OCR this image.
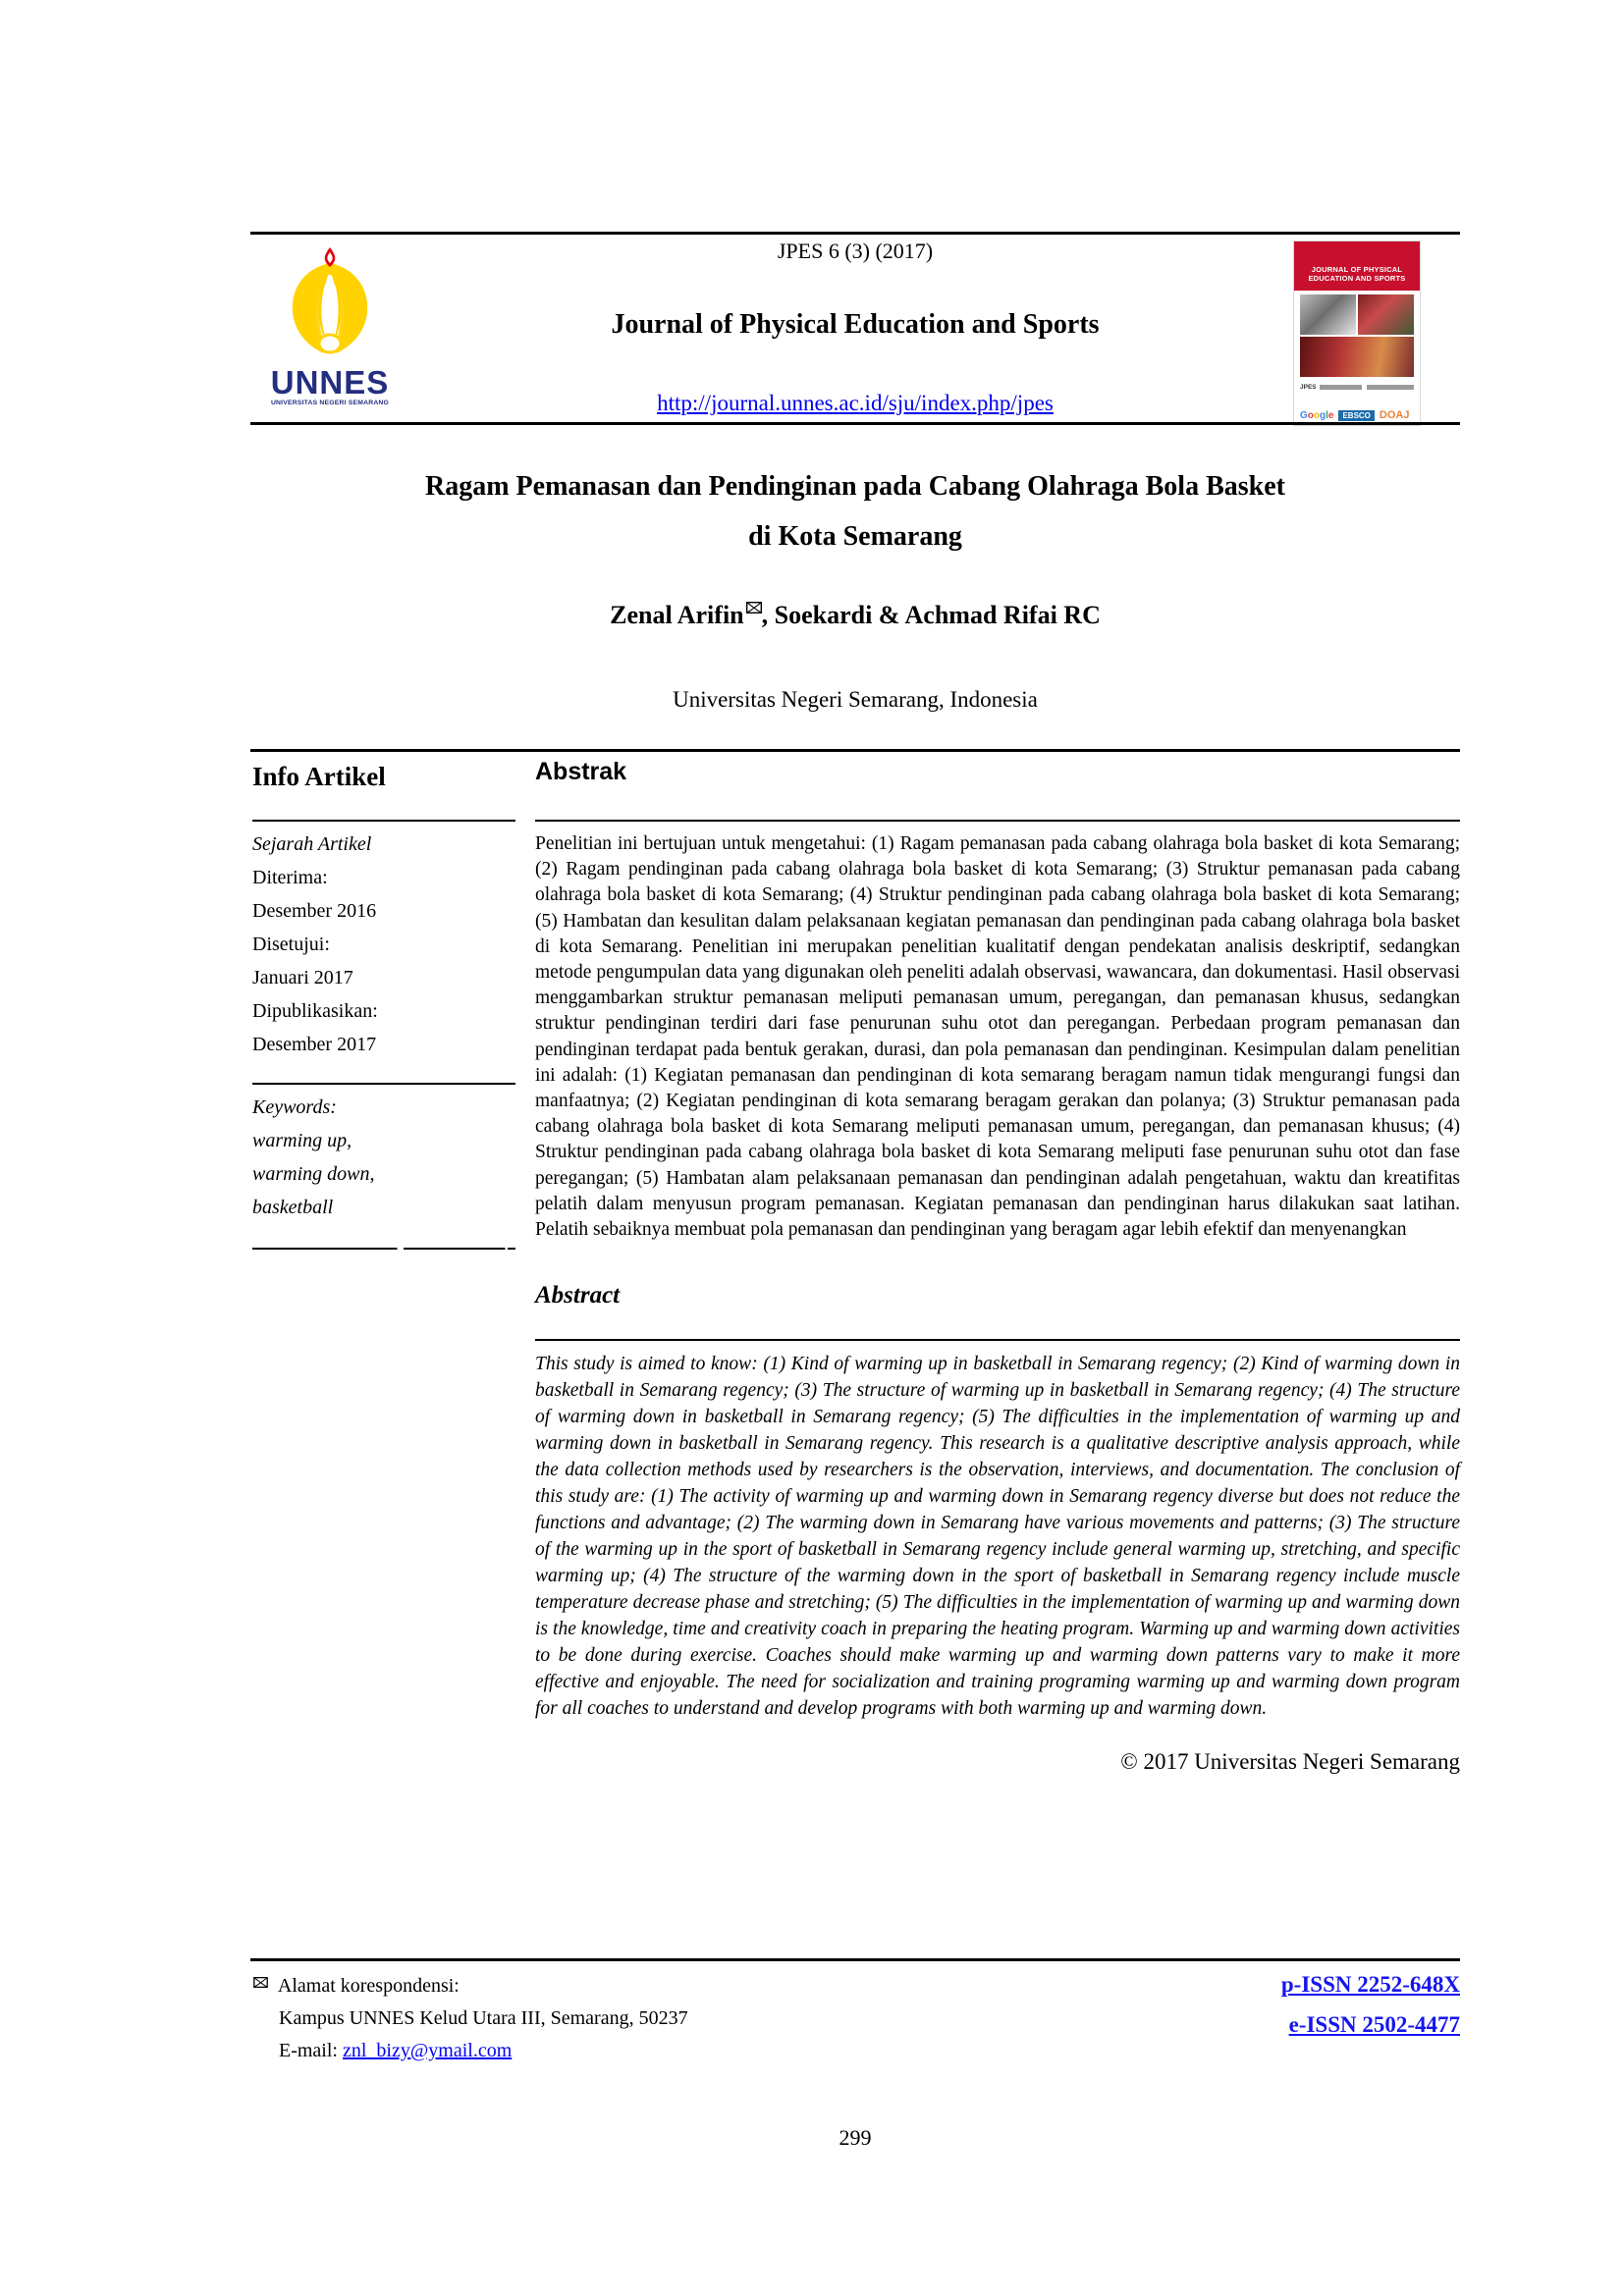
JPES 6 (3) (2017)
UNNES
UNIVERSITAS NEGERI SEMARANG
Journal of Physical Education and Sports
http://journal.unnes.ac.id/sju/index.php/jpes
JOURNAL OF PHYSICAL EDUCATION AND SPORTS
JPES
Google	EBSCO DOAJ
Ragam Pemanasan dan Pendinginan pada Cabang Olahraga Bola Basket
di Kota Semarang
Zenal Arifin , Soekardi & Achmad Rifai RC
Universitas Negeri Semarang, Indonesia
Info Artikel
Sejarah Artikel
Diterima:
Desember 2016
Disetujui:
Januari 2017
Dipublikasikan:
Desember 2017
Keywords:
warming up,
warming down,
basketball
Abstrak
Penelitian ini bertujuan untuk mengetahui: (1) Ragam pemanasan pada cabang olahraga bola basket di kota Semarang; (2) Ragam pendinginan pada cabang olahraga bola basket di kota Semarang; (3) Struktur pemanasan pada cabang olahraga bola basket di kota Semarang; (4) Struktur pendinginan pada cabang olahraga bola basket di kota Semarang; (5) Hambatan dan kesulitan dalam pelaksanaan kegiatan pemanasan dan pendinginan pada cabang olahraga bola basket di kota Semarang. Penelitian ini merupakan penelitian kualitatif dengan pendekatan analisis deskriptif, sedangkan metode pengumpulan data yang digunakan oleh peneliti adalah observasi, wawancara, dan dokumentasi. Hasil observasi menggambarkan struktur pemanasan meliputi pemanasan umum, peregangan, dan pemanasan khusus, sedangkan struktur pendinginan terdiri dari fase penurunan suhu otot dan peregangan. Perbedaan program pemanasan dan pendinginan terdapat pada bentuk gerakan, durasi, dan pola pemanasan dan pendinginan. Kesimpulan dalam penelitian ini adalah: (1) Kegiatan pemanasan dan pendinginan di kota semarang beragam namun tidak mengurangi fungsi dan manfaatnya; (2) Kegiatan pendinginan di kota semarang beragam gerakan dan polanya; (3) Struktur pemanasan pada cabang olahraga bola basket di kota Semarang meliputi pemanasan umum, peregangan, dan pemanasan khusus; (4) Struktur pendinginan pada cabang olahraga bola basket di kota Semarang meliputi fase penurunan suhu otot dan fase peregangan; (5) Hambatan alam pelaksanaan pemanasan dan pendinginan adalah pengetahuan, waktu dan kreatifitas pelatih dalam menyusun program pemanasan. Kegiatan pemanasan dan pendinginan harus dilakukan saat latihan. Pelatih sebaiknya membuat pola pemanasan dan pendinginan yang beragam agar lebih efektif dan menyenangkan
Abstract
This study is aimed to know: (1) Kind of warming up in basketball in Semarang regency; (2) Kind of warming down in basketball in Semarang regency; (3) The structure of warming up in basketball in Semarang regency; (4) The structure of warming down in basketball in Semarang regency; (5) The difficulties in the implementation of warming up and warming down in basketball in Semarang regency. This research is a qualitative descriptive analysis approach, while the data collection methods used by researchers is the observation, interviews, and documentation. The conclusion of this study are: (1) The activity of warming up and warming down in Semarang regency diverse but does not reduce the functions and advantage; (2) The warming down in Semarang have various movements and patterns; (3) The structure of the warming up in the sport of basketball in Semarang regency include general warming up, stretching, and specific warming up; (4) The structure of the warming down in the sport of basketball in Semarang regency include muscle temperature decrease phase and stretching; (5) The difficulties in the implementation of warming up and warming down is the knowledge, time and creativity coach in preparing the heating program. Warming up and warming down activities to be done during exercise. Coaches should make warming up and warming down patterns vary to make it more effective and enjoyable. The need for socialization and training programing warming up and warming down program for all coaches to understand and develop programs with both warming up and warming down.
© 2017 Universitas Negeri Semarang
Alamat korespondensi:
Kampus UNNES Kelud Utara III, Semarang, 50237
E-mail: znl_bizy@ymail.com
p-ISSN 2252-648X
e-ISSN 2502-4477
299
